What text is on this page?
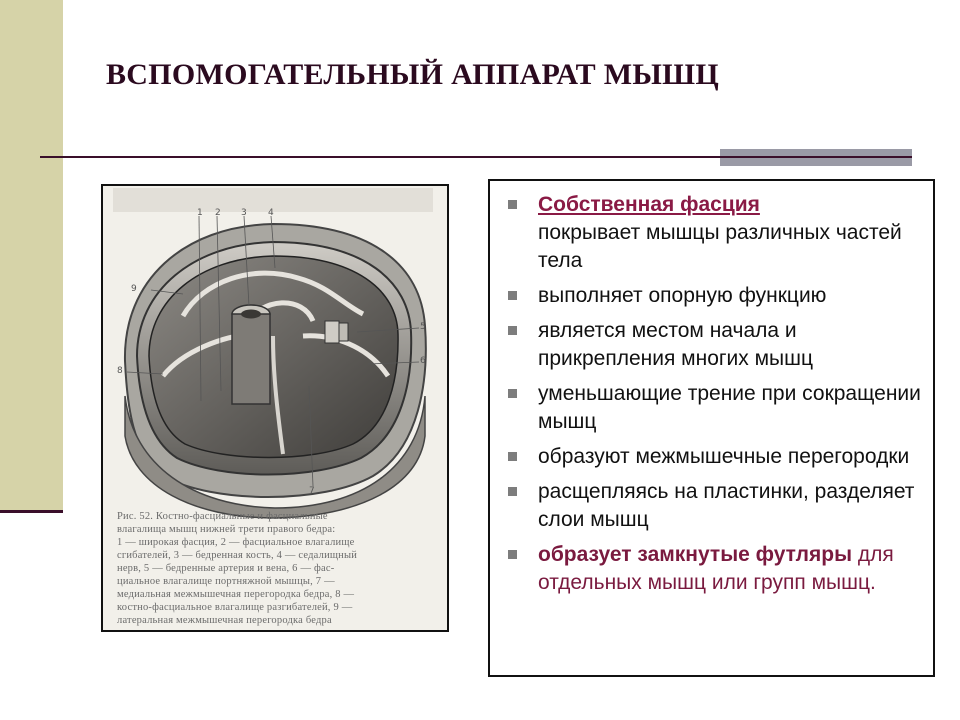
ВСПОМОГАТЕЛЬНЫЙ АППАРАТ МЫШЦ
1 2 3 4
5
6
7
8
9
Рис. 52. Костно-фасциальные и фасциальные
влагалища мышц нижней трети правого бедра:
1 — широкая фасция, 2 — фасциальное влагалище
сгибателей, 3 — бедренная кость, 4 — седалищный
нерв, 5 — бедренные артерия и вена, 6 — фас-
циальное влагалище портняжной мышцы, 7 —
медиальная межмышечная перегородка бедра, 8 —
костно-фасциальное влагалище разгибателей, 9 —
латеральная межмышечная перегородка бедра
Собственная фасция
покрывает мышцы различных частей тела
выполняет опорную функцию
является местом начала и прикрепления многих мышц
уменьшающие трение при сокращении мышц
образуют межмышечные перегородки
расщепляясь на пластинки, разделяет слои мышц
образует замкнутые футляры для отдельных мышц или групп мышц.
